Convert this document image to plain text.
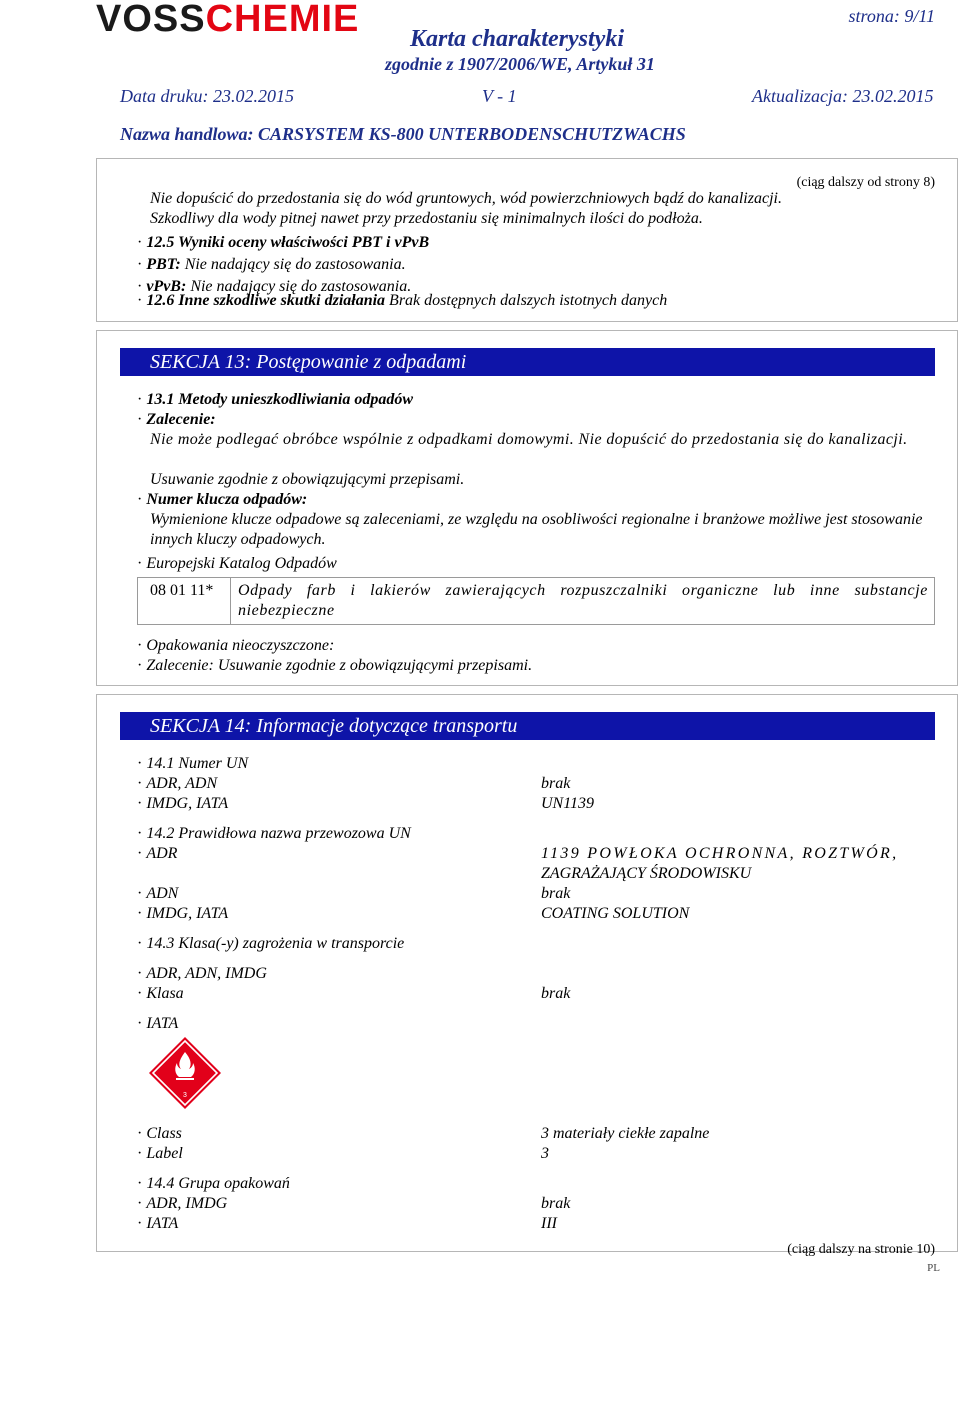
VOSSCHEMIE	strona: 9/11
Karta charakterystyki
zgodnie z 1907/2006/WE, Artykuł 31
Data druku: 23.02.2015	V - 1	Aktualizacja: 23.02.2015
Nazwa handlowa: CARSYSTEM KS-800 UNTERBODENSCHUTZWACHS
(ciąg dalszy od strony 8)
Nie dopuścić do przedostania się do wód gruntowych, wód powierzchniowych bądź do kanalizacji.
Szkodliwy dla wody pitnej nawet przy przedostaniu się minimalnych ilości do podłoża.
· 12.5 Wyniki oceny właściwości PBT i vPvB
· PBT: Nie nadający się do zastosowania.
· vPvB: Nie nadający się do zastosowania.
· 12.6 Inne szkodliwe skutki działania Brak dostępnych dalszych istotnych danych
SEKCJA 13: Postępowanie z odpadami
· 13.1 Metody unieszkodliwiania odpadów
· Zalecenie:
Nie może podlegać obróbce wspólnie z odpadkami domowymi. Nie dopuścić do przedostania się do kanalizacji.
Usuwanie zgodnie z obowiązującymi przepisami.
· Numer klucza odpadów:
Wymienione klucze odpadowe są zaleceniami, ze względu na osobliwości regionalne i branżowe możliwe jest stosowanie innych kluczy odpadowych.
· Europejski Katalog Odpadów
08 01 11* Odpady farb i lakierów zawierających rozpuszczalniki organiczne lub inne substancje niebezpieczne
· Opakowania nieoczyszczone:
· Zalecenie: Usuwanie zgodnie z obowiązującymi przepisami.
SEKCJA 14: Informacje dotyczące transportu
· 14.1 Numer UN
· ADR, ADN	brak
· IMDG, IATA	UN1139
· 14.2 Prawidłowa nazwa przewozowa UN
· ADR	1139 POWŁOKA OCHRONNA, ROZTWÓR,
ZAGRAŻAJĄCY ŚRODOWISKU
· ADN	brak
· IMDG, IATA	COATING SOLUTION
· 14.3 Klasa(-y) zagrożenia w transporcie
· ADR, ADN, IMDG
· Klasa	brak
· IATA
3
· Class	3 materiały ciekłe zapalne
· Label	3
· 14.4 Grupa opakowań
· ADR, IMDG	brak
· IATA	III
(ciąg dalszy na stronie 10)
PL
